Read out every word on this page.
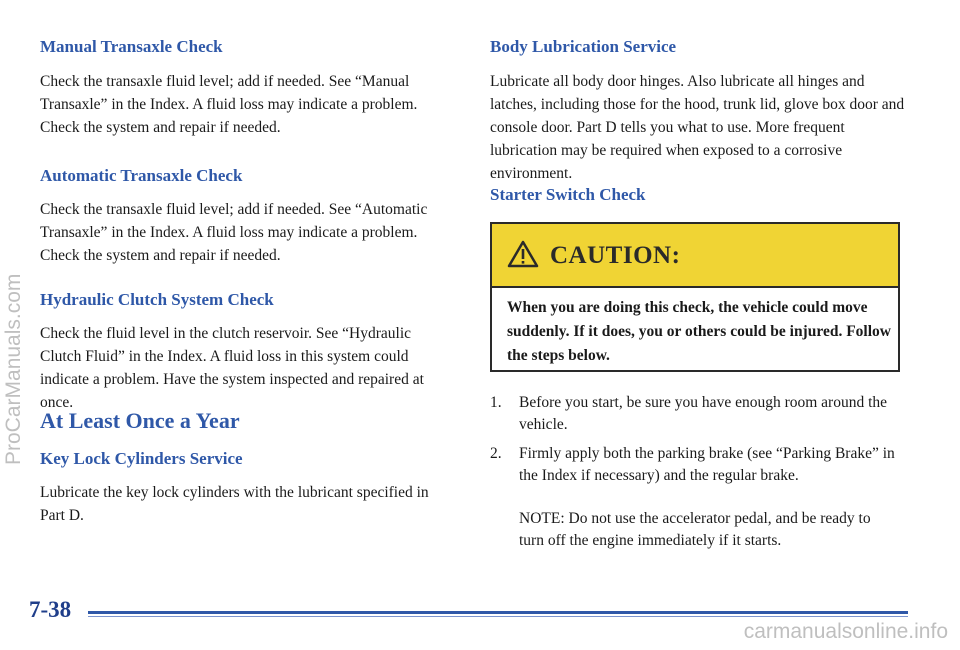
Manual Transaxle Check

Check the transaxle fluid level; add if needed. See “Manual Transaxle” in the Index. A fluid loss may indicate a problem. Check the system and repair if needed.

Automatic Transaxle Check

Check the transaxle fluid level; add if needed. See “Automatic Transaxle” in the Index. A fluid loss may indicate a problem. Check the system and repair if needed.

Hydraulic Clutch System Check

Check the fluid level in the clutch reservoir. See “Hydraulic Clutch Fluid” in the Index. A fluid loss in this system could indicate a problem. Have the system inspected and repaired at once.

At Least Once a Year
Key Lock Cylinders Service

Lubricate the key lock cylinders with the lubricant specified in Part D.

Body Lubrication Service

Lubricate all body door hinges. Also lubricate all hinges and latches, including those for the hood, trunk lid, glove box door and console door. Part D tells you what to use. More frequent lubrication may be required when exposed to a corrosive environment.

Starter Switch Check
CAUTION:
When you are doing this check, the vehicle could move suddenly. If it does, you or others could be injured. Follow the steps below.
1. Before you start, be sure you have enough room around the vehicle.
2. Firmly apply both the parking brake (see “Parking Brake” in the Index if necessary) and the regular brake.
NOTE: Do not use the accelerator pedal, and be ready to turn off the engine immediately if it starts.
7-38
ProCarManuals.com
carmanualsonline.info
